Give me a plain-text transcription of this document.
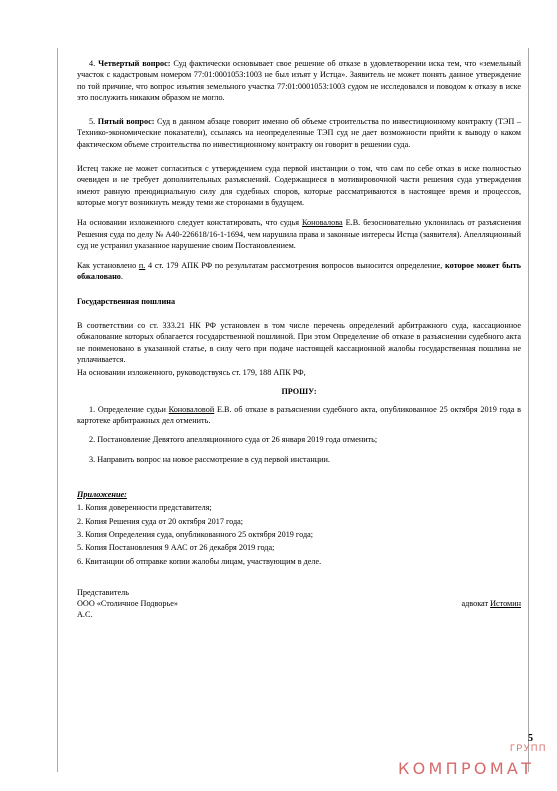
4. Четвертый вопрос: Суд фактически основывает свое решение об отказе в удовлетворении иска тем, что «земельный участок с кадастровым номером 77:01:0001053:1003 не был изъят у Истца». Заявитель не может понять данное утверждение по той причине, что вопрос изъятия земельного участка 77:01:0001053:1003 судом не исследовался и поводом к отказу в иске это послужить никаким образом не могло.

5. Пятый вопрос: Суд в данном абзаце говорит именно об объеме строительства по инвестиционному контракту (ТЭП – Технико-экономические показатели), ссылаясь на неопределенные ТЭП суд не дает возможности прийти к выводу о каком фактическом объеме строительства по инвестиционному контракту он говорит в решении суда.

Истец также не может согласиться с утверждением суда первой инстанции о том, что сам по себе отказ в иске полностью очевиден и не требует дополнительных разъяснений. Содержащиеся в мотивировочной части решения суда утверждения имеют равную преюдициальную силу для судебных споров, которые рассматриваются в настоящее время и процессов, которые могут возникнуть между теми же сторонами в будущем.

На основании изложенного следует констатировать, что судья Коновалова Е.В. безосновательно уклонилась от разъяснения Решения суда по делу № А40-226618/16-1-1694, чем нарушила права и законные интересы Истца (заявителя). Апелляционный суд не устранил указанное нарушение своим Постановлением.

Как установлено п. 4 ст. 179 АПК РФ по результатам рассмотрения вопросов выносится определение, которое может быть обжаловано.

Государственная пошлина

В соответствии со ст. 333.21 НК РФ установлен в том числе перечень определений арбитражного суда, кассационное обжалование которых облагается государственной пошлиной. При этом Определение об отказе в разъяснении судебного акта не поименовано в указанной статье, в силу чего при подаче настоящей кассационной жалобы государственная пошлина не уплачивается.

На основании изложенного, руководствуясь ст. 179, 188 АПК РФ,

ПРОШУ:

1. Определение судьи Коноваловой Е.В. об отказе в разъяснении судебного акта, опубликованное 25 октября 2019 года в картотеке арбитражных дел отменить.

2. Постановление Девятого апелляционного суда от 26 января 2019 года отменить;

3. Направить вопрос на новое рассмотрение в суд первой инстанции.

Приложение:

1. Копия доверенности представителя;

2. Копия Решения суда от 20 октября 2017 года;

3. Копия Определения суда, опубликованного 25 октября 2019 года;

5. Копия Постановления 9 ААС от 26 декабря 2019 года;

6. Квитанции об отправке копии жалобы лицам, участвующим в деле.

Представитель

ООО «Столичное Подворье»	адвокат Истомин

А.С.

5
ГРУПП
КОМПРОМАТ
